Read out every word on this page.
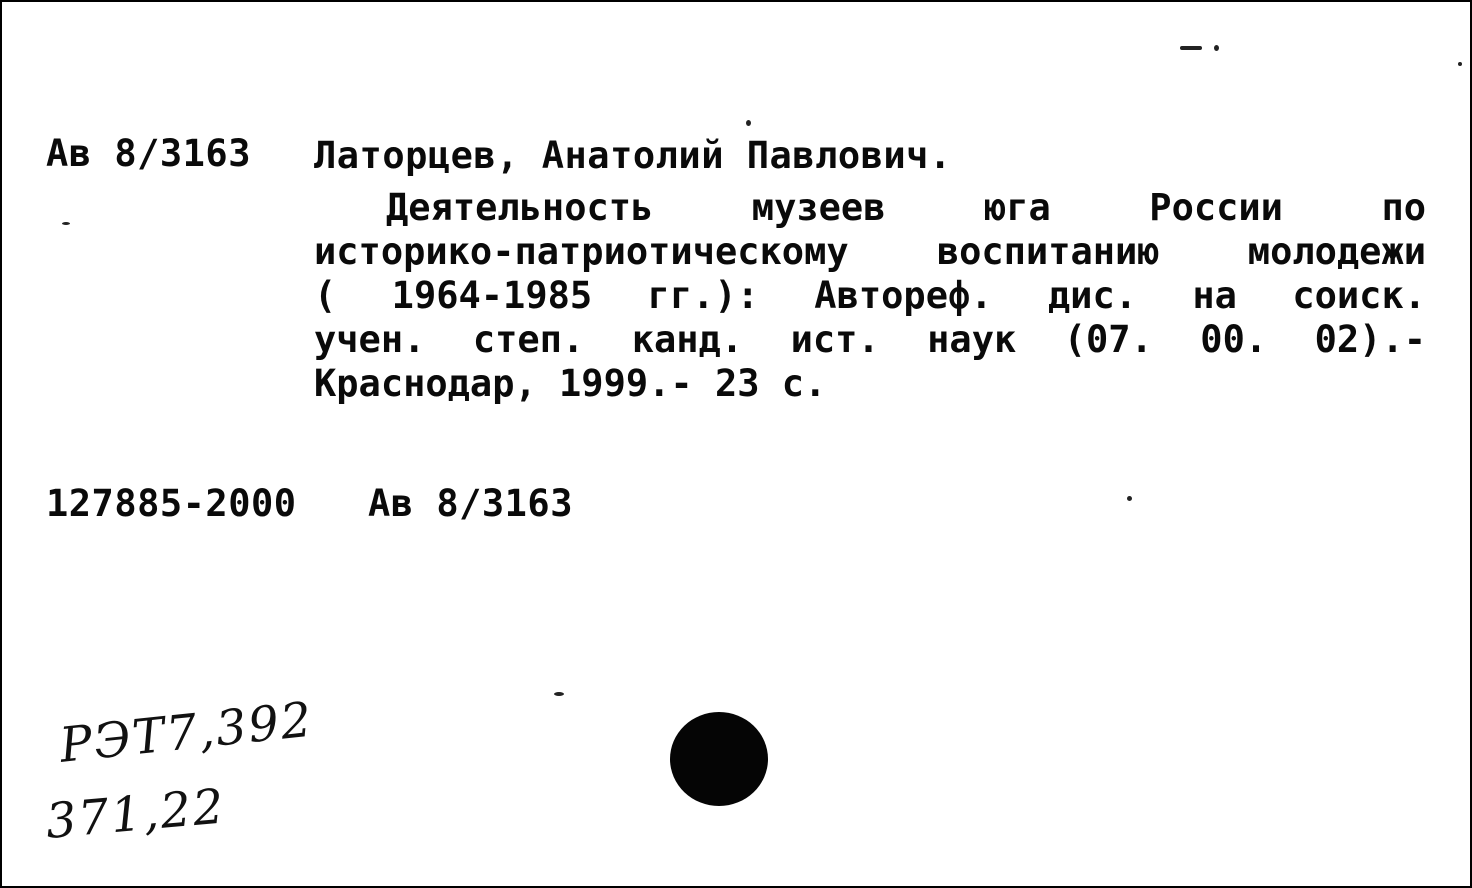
Ав 8/3163 Латорцев, Анатолий Павлович.
Деятельность музеев юга России по
историко-патриотическому воспитанию молодежи
( 1964-1985 гг.): Автореф. дис. на соиск.
учен. степ. канд. ист. наук (07. 00. 02).-
Краснодар, 1999.- 23 с.
127885-2000 Ав 8/3163
РЭТ7,392
371,22
